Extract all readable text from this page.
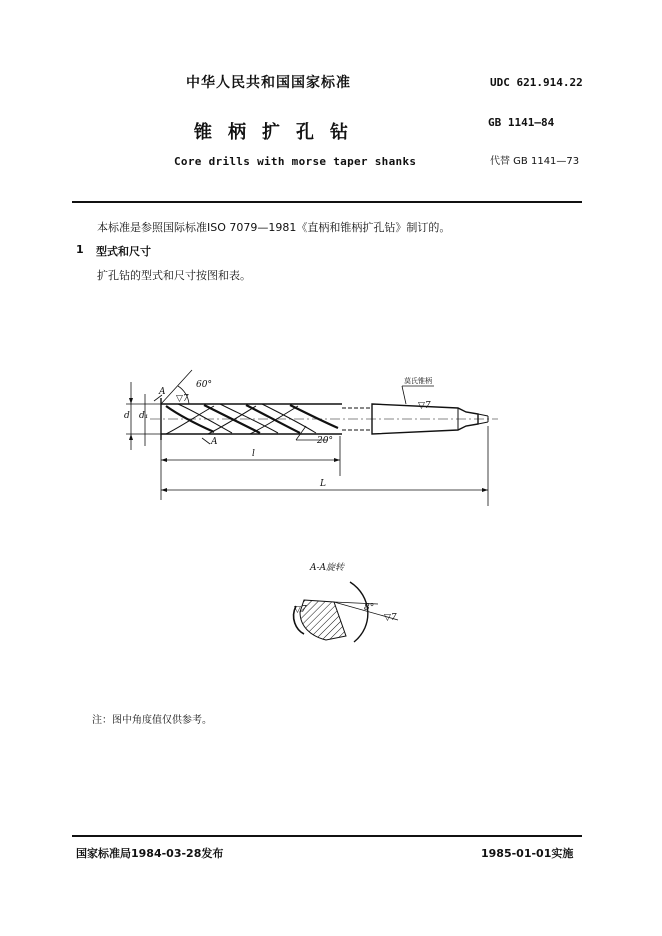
中华人民共和国国家标准	UDC 621.914.22
锥柄扩孔钻	GB 1141—84
Core drills with morse taper shanks	代替 GB 1141—73
本标准是参照国际标准ISO 7079—1981《直柄和锥柄扩孔钻》制订的。
1 型式和尺寸
扩孔钻的型式和尺寸按图和表。
60°
A
▽7
A	20°
莫氏锥柄
▽7
d d₁
l
L
A-A旋转
8°
▽7
▽7
注：图中角度值仅供参考。
国家标准局1984-03-28发布	1985-01-01实施
